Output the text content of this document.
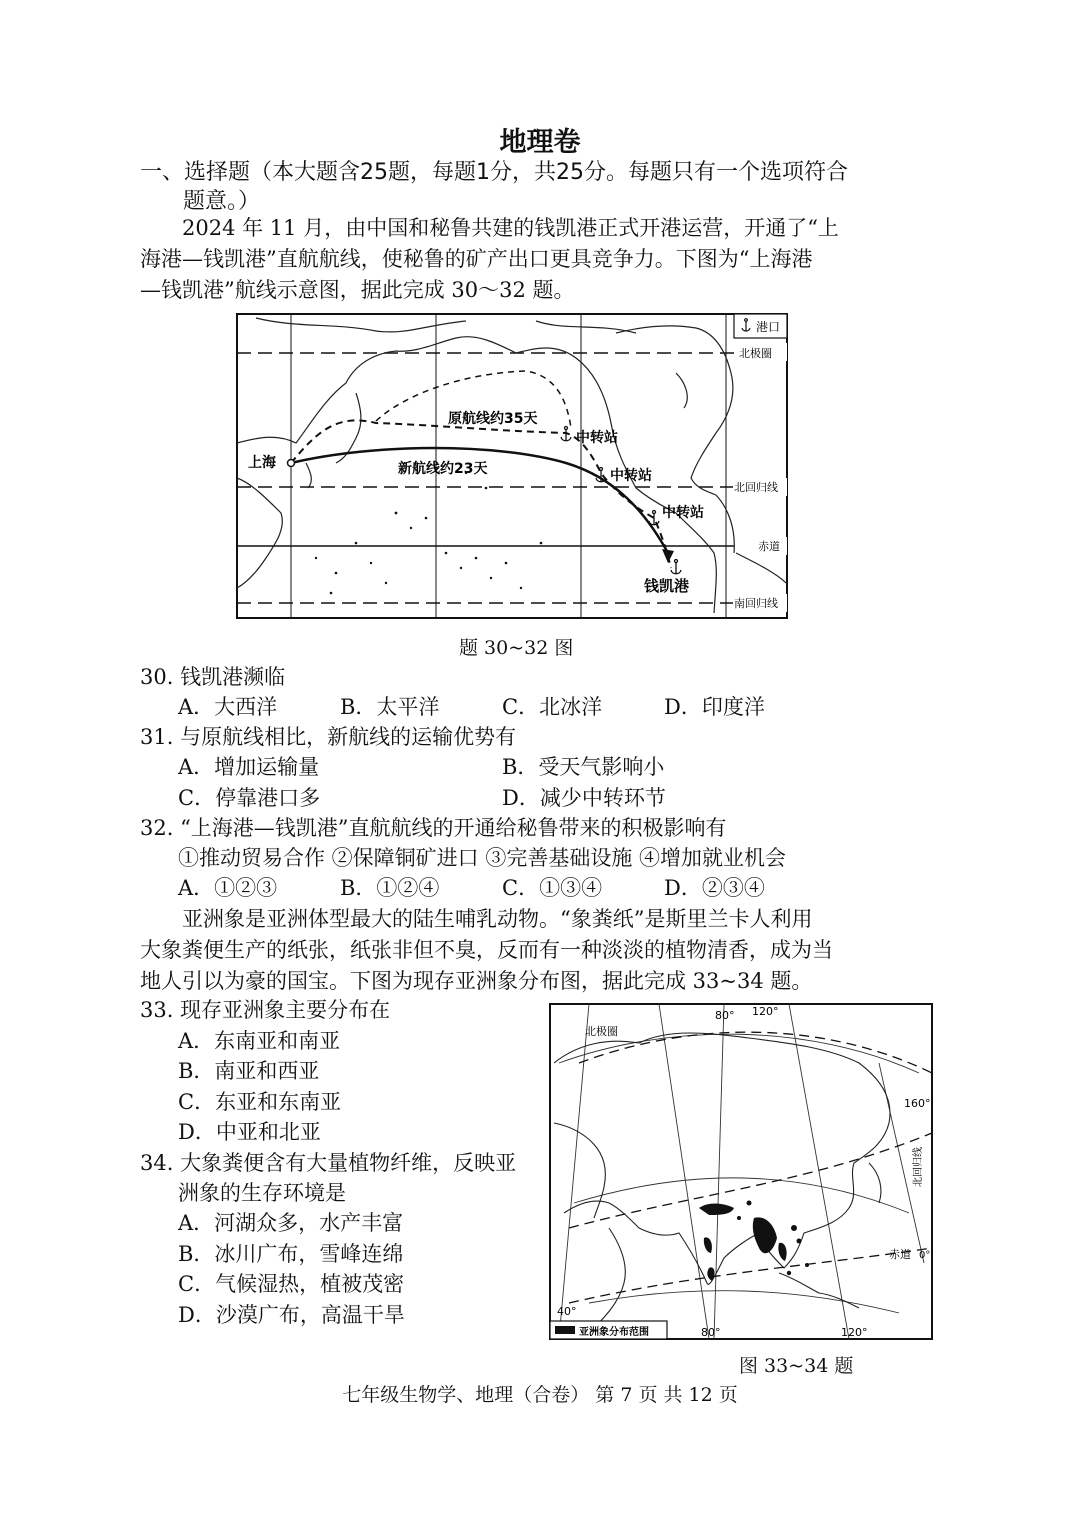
地理卷
一、选择题（本大题含25题，每题1分，共25分。每题只有一个选项符合
题意。）
2024 年 11 月，由中国和秘鲁共建的钱凯港正式开港运营，开通了“上
海港—钱凯港”直航航线，使秘鲁的矿产出口更具竞争力。下图为“上海港
—钱凯港”航线示意图，据此完成 30～32 题。
港口
北极圈
北回归线
赤道
南回归线
原航线约35天
新航线约23天
上海
中转站
中转站
中转站
钱凯港
题 30~32 图
30. 钱凯港濒临
A．大西洋	B．太平洋	C．北冰洋	D．印度洋
31. 与原航线相比，新航线的运输优势有
A．增加运输量	B．受天气影响小
C．停靠港口多	D．减少中转环节
32. “上海港—钱凯港”直航航线的开通给秘鲁带来的积极影响有
①推动贸易合作 ②保障铜矿进口 ③完善基础设施 ④增加就业机会
A．①②③	B．①②④	C．①③④	D．②③④
亚洲象是亚洲体型最大的陆生哺乳动物。“象粪纸”是斯里兰卡人利用
大象粪便生产的纸张，纸张非但不臭，反而有一种淡淡的植物清香，成为当
地人引以为豪的国宝。下图为现存亚洲象分布图，据此完成 33~34 题。
33. 现存亚洲象主要分布在
A．东南亚和南亚
B．南亚和西亚
C．东亚和东南亚
D．中亚和北亚
34. 大象粪便含有大量植物纤维，反映亚
洲象的生存环境是
A．河湖众多，水产丰富
B．冰川广布，雪峰连绵
C．气候湿热，植被茂密
D．沙漠广布，高温干旱
北极圈
80° 120°
160°
北回归线
赤道 0°
40°
80°	120°
亚洲象分布范围
图 33~34 题
七年级生物学、地理（合卷） 第 7 页 共 12 页
